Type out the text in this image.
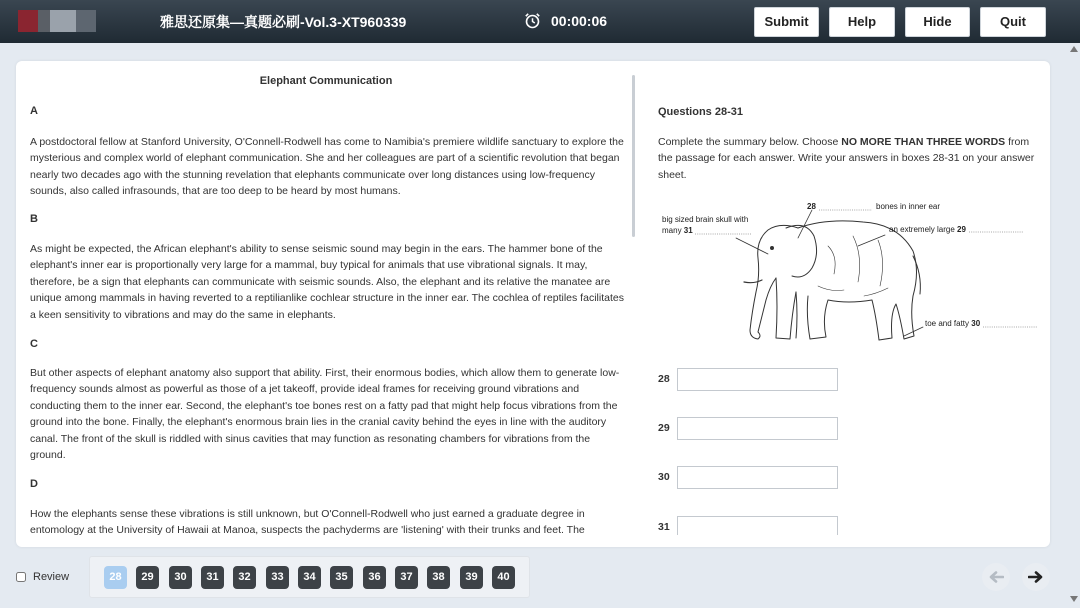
雅思还原集—真题必刷-Vol.3-XT960339	00:00:06	Submit	Help	Hide	Quit
Elephant Communication
A
A postdoctoral fellow at Stanford University, O'Connell-Rodwell has come to Namibia's premiere wildlife sanctuary to explore the mysterious and complex world of elephant communication. She and her colleagues are part of a scientific revolution that began nearly two decades ago with the stunning revelation that elephants communicate over long distances using low-frequency sounds, also called infrasounds, that are too deep to be heard by most humans.
B
As might be expected, the African elephant's ability to sense seismic sound may begin in the ears. The hammer bone of the elephant's inner ear is proportionally very large for a mammal, buy typical for animals that use vibrational signals. It may, therefore, be a sign that elephants can communicate with seismic sounds. Also, the elephant and its relative the manatee are unique among mammals in having reverted to a reptilianlike cochlear structure in the inner ear. The cochlea of reptiles facilitates a keen sensitivity to vibrations and may do the same in elephants.
C
But other aspects of elephant anatomy also support that ability. First, their enormous bodies, which allow them to generate low-frequency sounds almost as powerful as those of a jet takeoff, provide ideal frames for receiving ground vibrations and conducting them to the inner ear. Second, the elephant's toe bones rest on a fatty pad that might help focus vibrations from the ground into the bone. Finally, the elephant's enormous brain lies in the cranial cavity behind the eyes in line with the auditory canal. The front of the skull is riddled with sinus cavities that may function as resonating chambers for vibrations from the ground.
D
How the elephants sense these vibrations is still unknown, but O'Connell-Rodwell who just earned a graduate degree in entomology at the University of Hawaii at Manoa, suspects the pachyderms are 'listening' with their trunks and feet. The
Questions 28-31
Complete the summary below. Choose NO MORE THAN THREE WORDS from the passage for each answer. Write your answers in boxes 28-31 on your answer sheet.
28	bones in inner ear
big sized brain skull with
many 31	an extremely large 29
toe and fatty 30
28
29
30
31
Review	28	29	30	31	32	33	34	35	36	37	38	39	40
